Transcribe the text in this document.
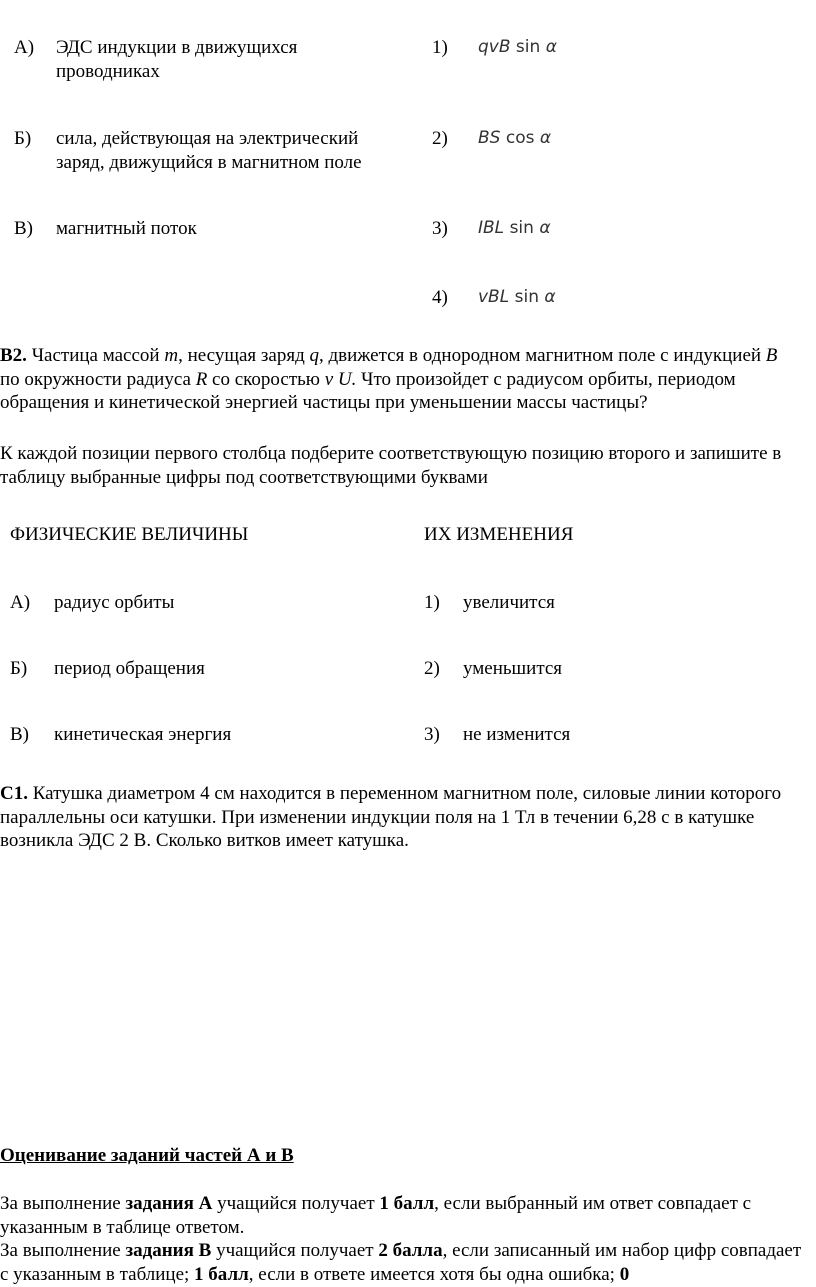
А) ЭДС индукции в движущихся
проводниках
Б) сила, действующая на электрический
заряд, движущийся в магнитном поле
В) магнитный поток
1) qvB sin α
2) BS cos α
3) IBL sin α
4) vBL sin α
В2. Частица массой m, несущая заряд q, движется в однородном магнитном поле с индукцией B по окружности радиуса R со скоростью v U. Что произойдет с радиусом орбиты, периодом обращения и кинетической энергией частицы при уменьшении массы частицы?
К каждой позиции первого столбца подберите соответствующую позицию второго и запишите в таблицу выбранные цифры под соответствующими буквами
ФИЗИЧЕСКИЕ ВЕЛИЧИНЫ	ИХ ИЗМЕНЕНИЯ
А) радиус орбиты
Б) период обращения
В) кинетическая энергия
1) увеличится
2) уменьшится
3) не изменится
С1. Катушка диаметром 4 см находится в переменном магнитном поле, силовые линии которого параллельны оси катушки. При изменении индукции поля на 1 Тл в течении 6,28 с в катушке возникла ЭДС 2 В. Сколько витков имеет катушка.
Оценивание заданий частей А и В
За выполнение задания А учащийся получает 1 балл, если выбранный им ответ совпадает с указанным в таблице ответом.
За выполнение задания В учащийся получает 2 балла, если записанный им набор цифр совпадает с указанным в таблице; 1 балл, если в ответе имеется хотя бы одна ошибка; 0
